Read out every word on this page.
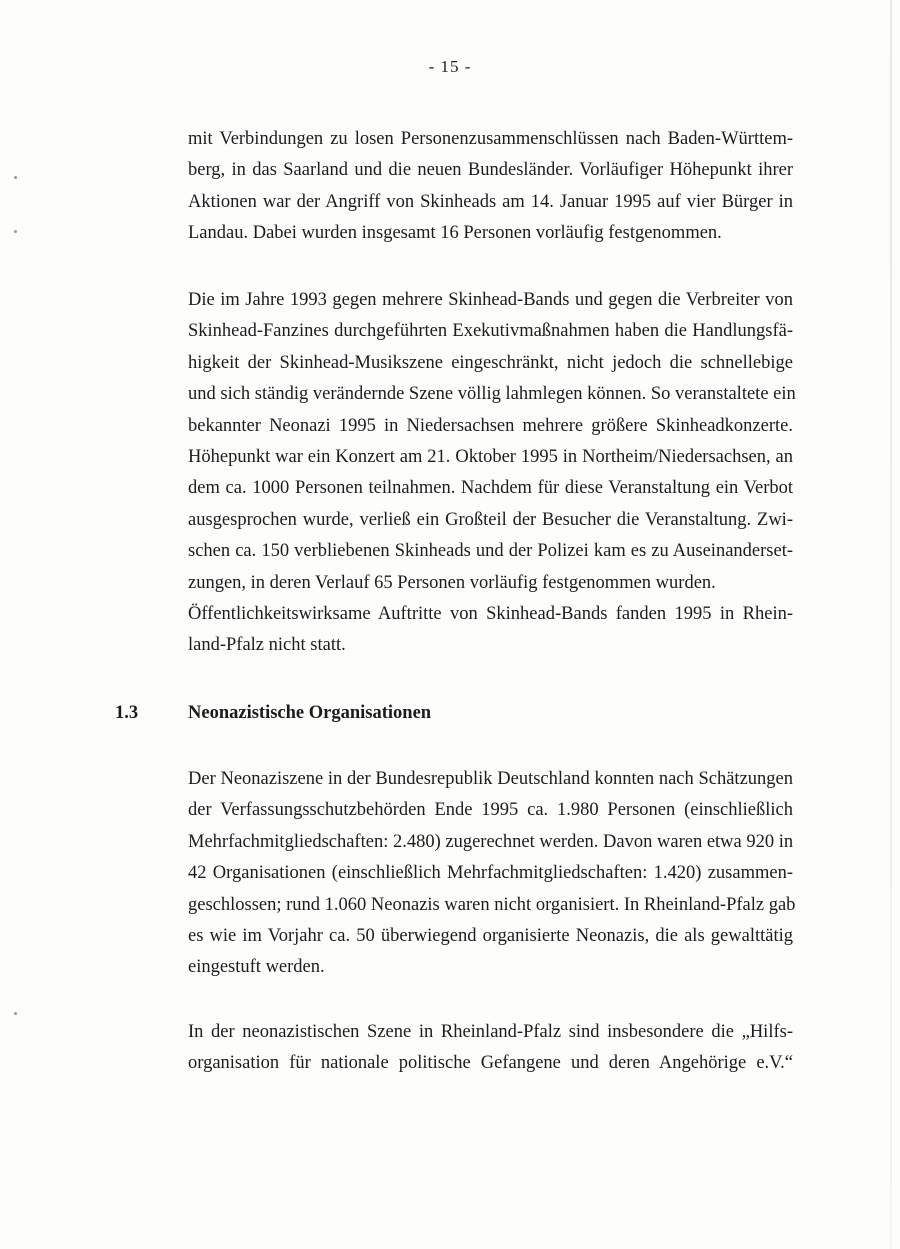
- 15 -

mit Verbindungen zu losen Personenzusammenschlüssen nach Baden-Württem-
berg, in das Saarland und die neuen Bundesländer. Vorläufiger Höhepunkt ihrer
Aktionen war der Angriff von Skinheads am 14. Januar 1995 auf vier Bürger in
Landau. Dabei wurden insgesamt 16 Personen vorläufig festgenommen.

Die im Jahre 1993 gegen mehrere Skinhead-Bands und gegen die Verbreiter von
Skinhead-Fanzines durchgeführten Exekutivmaßnahmen haben die Handlungsfä-
higkeit der Skinhead-Musikszene eingeschränkt, nicht jedoch die schnellebige
und sich ständig verändernde Szene völlig lahmlegen können. So veranstaltete ein
bekannter Neonazi 1995 in Niedersachsen mehrere größere Skinheadkonzerte.
Höhepunkt war ein Konzert am 21. Oktober 1995 in Northeim/Niedersachsen, an
dem ca. 1000 Personen teilnahmen. Nachdem für diese Veranstaltung ein Verbot
ausgesprochen wurde, verließ ein Großteil der Besucher die Veranstaltung. Zwi-
schen ca. 150 verbliebenen Skinheads und der Polizei kam es zu Auseinanderset-
zungen, in deren Verlauf 65 Personen vorläufig festgenommen wurden.
Öffentlichkeitswirksame Auftritte von Skinhead-Bands fanden 1995 in Rhein-
land-Pfalz nicht statt.

1.3	Neonazistische Organisationen

Der Neonaziszene in der Bundesrepublik Deutschland konnten nach Schätzungen
der Verfassungsschutzbehörden Ende 1995 ca. 1.980 Personen (einschließlich
Mehrfachmitgliedschaften: 2.480) zugerechnet werden. Davon waren etwa 920 in
42 Organisationen (einschließlich Mehrfachmitgliedschaften: 1.420) zusammen-
geschlossen; rund 1.060 Neonazis waren nicht organisiert. In Rheinland-Pfalz gab
es wie im Vorjahr ca. 50 überwiegend organisierte Neonazis, die als gewalttätig
eingestuft werden.

In der neonazistischen Szene in Rheinland-Pfalz sind insbesondere die „Hilfs-
organisation für nationale politische Gefangene und deren Angehörige e.V.“
